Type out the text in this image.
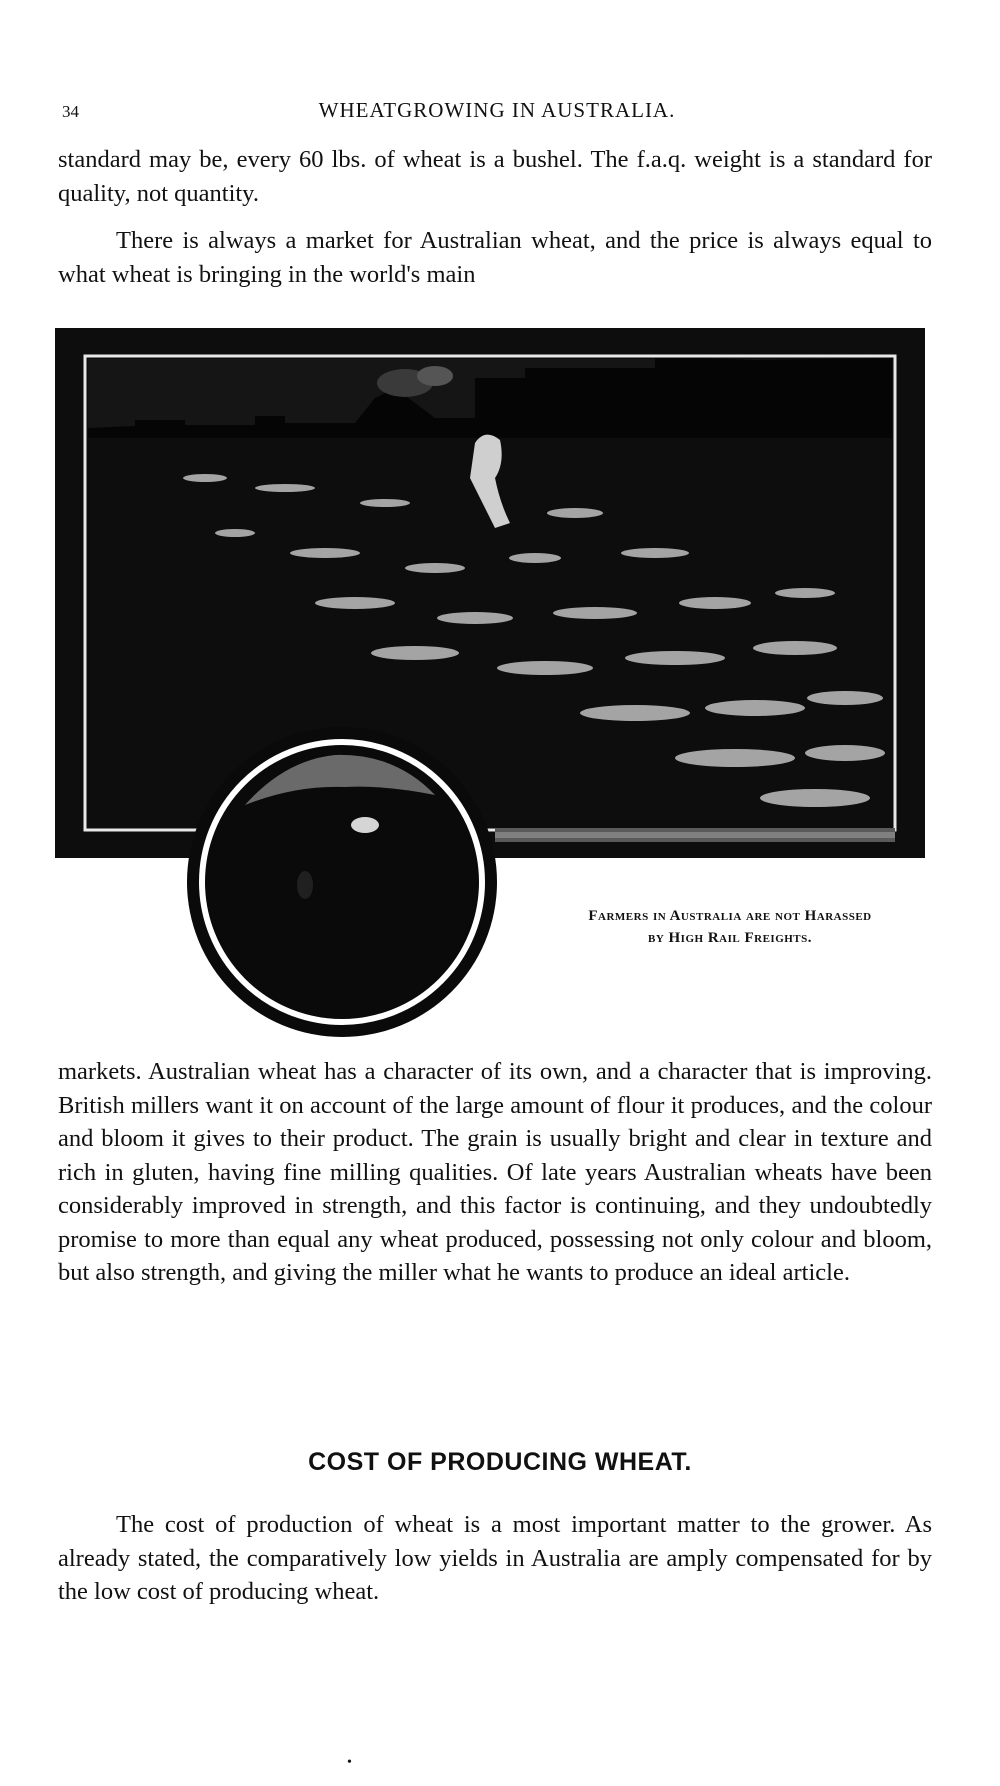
34	WHEATGROWING IN AUSTRALIA.

standard may be, every 60 lbs. of wheat is a bushel. The f.a.q. weight is a standard for quality, not quantity.

There is always a market for Australian wheat, and the price is always equal to what wheat is bringing in the world's main

Farmers in Australia are not Harassed
by High Rail Freights.

markets. Australian wheat has a character of its own, and a character that is improving. British millers want it on account of the large amount of flour it produces, and the colour and bloom it gives to their product. The grain is usually bright and clear in texture and rich in gluten, having fine milling qualities. Of late years Australian wheats have been considerably improved in strength, and this factor is continuing, and they undoubtedly promise to more than equal any wheat produced, possessing not only colour and bloom, but also strength, and giving the miller what he wants to produce an ideal article.

COST OF PRODUCING WHEAT.

The cost of production of wheat is a most important matter to the grower. As already stated, the comparatively low yields in Australia are amply compensated for by the low cost of producing wheat.

•
